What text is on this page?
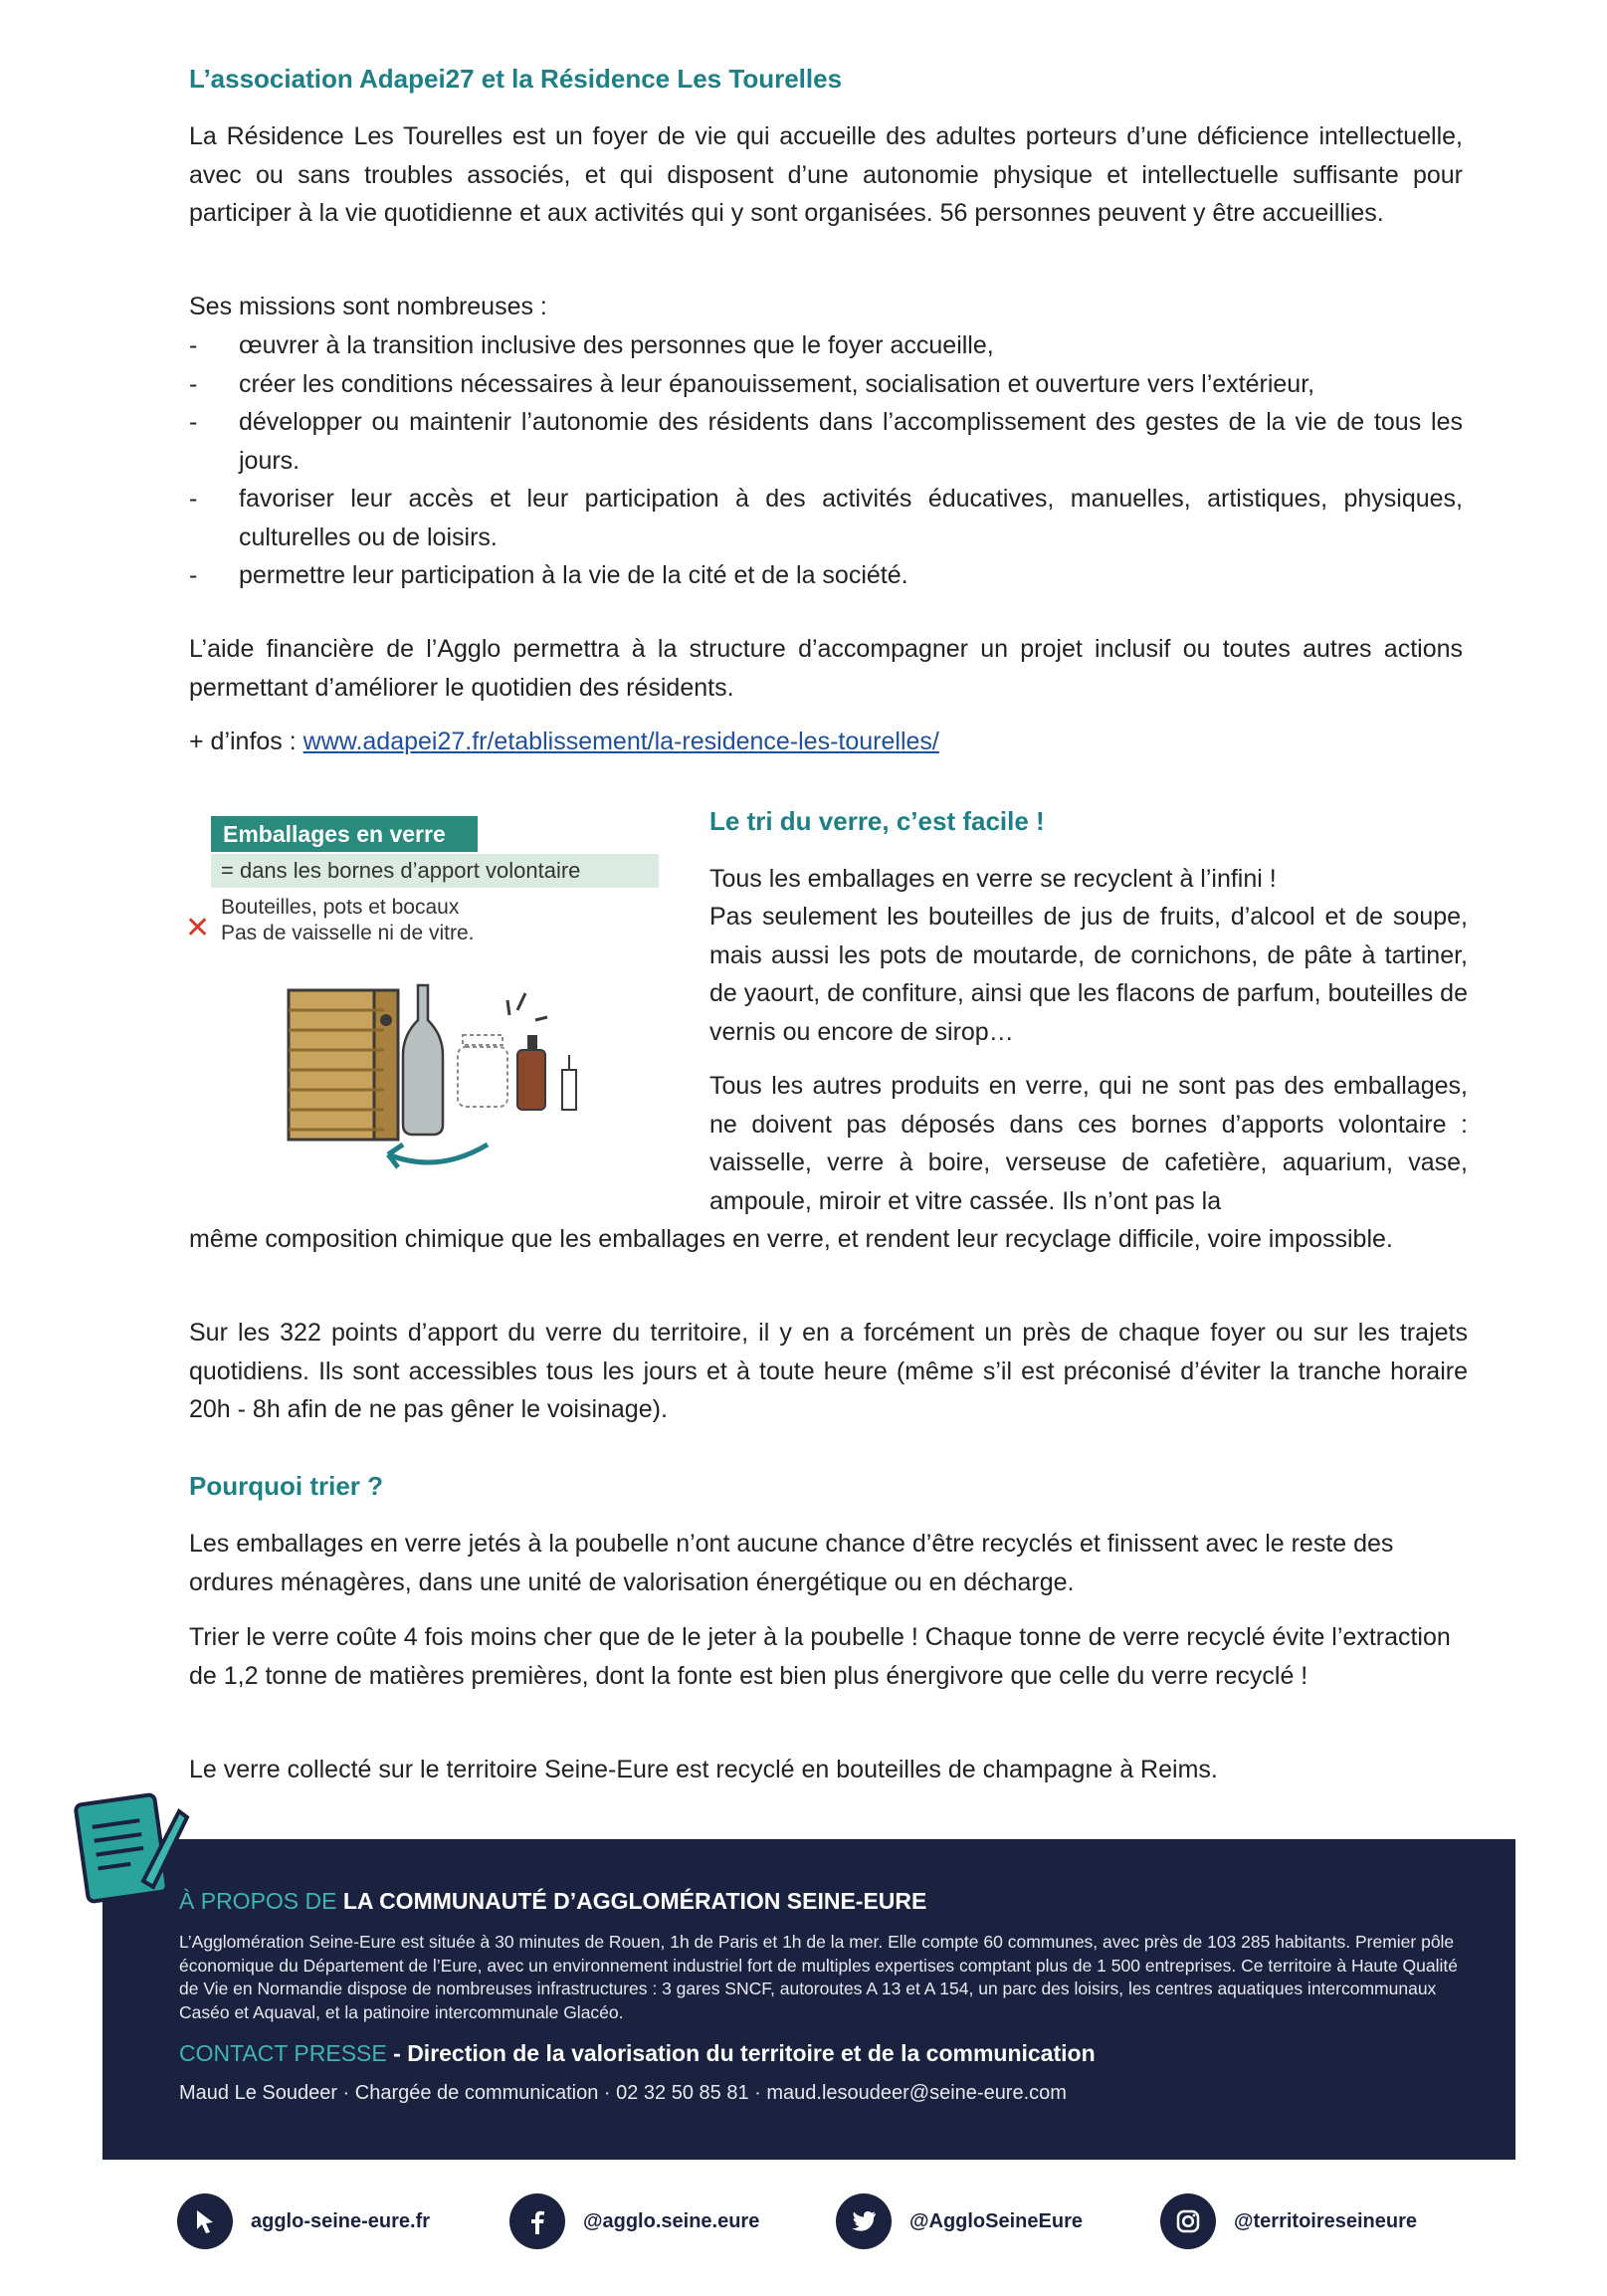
L’association Adapei27 et la Résidence Les Tourelles

La Résidence Les Tourelles est un foyer de vie qui accueille des adultes porteurs d’une déficience intellectuelle, avec ou sans troubles associés, et qui disposent d’une autonomie physique et intellectuelle suffisante pour participer à la vie quotidienne et aux activités qui y sont organisées. 56 personnes peuvent y être accueillies.

Ses missions sont nombreuses :

- œuvrer à la transition inclusive des personnes que le foyer accueille,
- créer les conditions nécessaires à leur épanouissement, socialisation et ouverture vers l’extérieur,
- développer ou maintenir l’autonomie des résidents dans l’accomplissement des gestes de la vie de tous les jours.
- favoriser leur accès et leur participation à des activités éducatives, manuelles, artistiques, physiques, culturelles ou de loisirs.
- permettre leur participation à la vie de la cité et de la société.

L’aide financière de l’Agglo permettra à la structure d’accompagner un projet inclusif ou toutes autres actions permettant d’améliorer le quotidien des résidents.

+ d’infos : www.adapei27.fr/etablissement/la-residence-les-tourelles/

Emballages en verre
= dans les bornes d’apport volontaire
Bouteilles, pots et bocaux
✕ Pas de vaisselle ni de vitre.
Le tri du verre, c’est facile !

Tous les emballages en verre se recyclent à l’infini !

Pas seulement les bouteilles de jus de fruits, d’alcool et de soupe, mais aussi les pots de moutarde, de cornichons, de pâte à tartiner, de yaourt, de confiture, ainsi que les flacons de parfum, bouteilles de vernis ou encore de sirop…

Tous les autres produits en verre, qui ne sont pas des emballages, ne doivent pas déposés dans ces bornes d’apports volontaire : vaisselle, verre à boire, verseuse de cafetière, aquarium, vase, ampoule, miroir et vitre cassée. Ils n’ont pas la

même composition chimique que les emballages en verre, et rendent leur recyclage difficile, voire impossible.

Sur les 322 points d’apport du verre du territoire, il y en a forcément un près de chaque foyer ou sur les trajets quotidiens. Ils sont accessibles tous les jours et à toute heure (même s’il est préconisé d’éviter la tranche horaire 20h - 8h afin de ne pas gêner le voisinage).

Pourquoi trier ?

Les emballages en verre jetés à la poubelle n’ont aucune chance d’être recyclés et finissent avec le reste des ordures ménagères, dans une unité de valorisation énergétique ou en décharge.

Trier le verre coûte 4 fois moins cher que de le jeter à la poubelle ! Chaque tonne de verre recyclé évite l’extraction de 1,2 tonne de matières premières, dont la fonte est bien plus énergivore que celle du verre recyclé !

Le verre collecté sur le territoire Seine-Eure est recyclé en bouteilles de champagne à Reims.

À PROPOS DE LA COMMUNAUTÉ D’AGGLOMÉRATION SEINE-EURE

L’Agglomération Seine-Eure est située à 30 minutes de Rouen, 1h de Paris et 1h de la mer. Elle compte 60 communes, avec près de 103 285 habitants. Premier pôle économique du Département de l’Eure, avec un environnement industriel fort de multiples expertises comptant plus de 1 500 entreprises. Ce territoire à Haute Qualité de Vie en Normandie dispose de nombreuses infrastructures : 3 gares SNCF, autoroutes A 13 et A 154, un parc des loisirs, les centres aquatiques intercommunaux Caséo et Aquaval, et la patinoire intercommunale Glacéo.

CONTACT PRESSE - Direction de la valorisation du territoire et de la communication
Maud Le Soudeer · Chargée de communication · 02 32 50 85 81 · maud.lesoudeer@seine-eure.com
agglo-seine-eure.fr	@agglo.seine.eure	@AggloSeineEure	@territoireseineure
